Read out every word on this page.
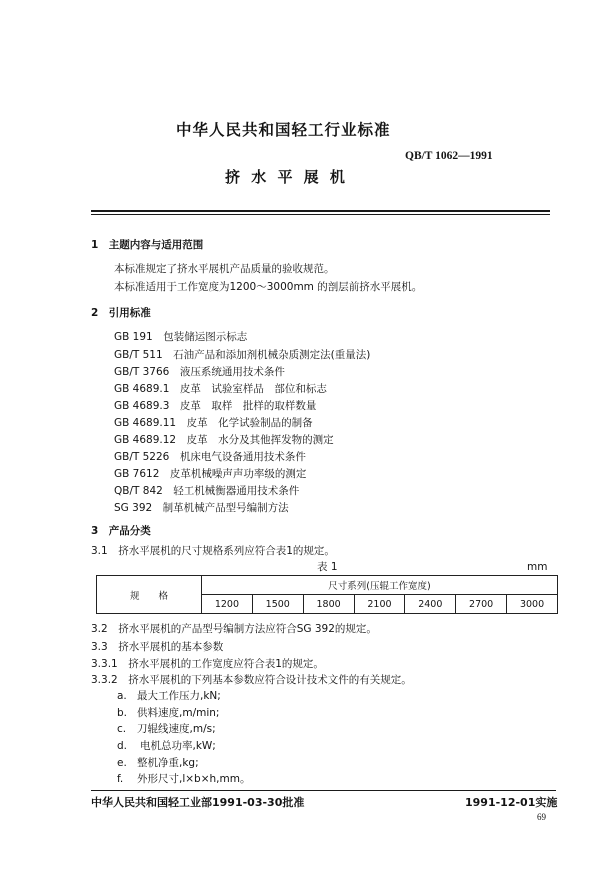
中华人民共和国轻工行业标准
QB/T 1062—1991
挤 水 平 展 机
1　主题内容与适用范围
本标准规定了挤水平展机产品质量的验收规范。
本标准适用于工作宽度为1200～3000mm 的剖层前挤水平展机。
2　引用标准
GB 191　包装储运图示标志
GB/T 511　石油产品和添加剂机械杂质测定法(重量法)
GB/T 3766　液压系统通用技术条件
GB 4689.1　皮革　试验室样品　部位和标志
GB 4689.3　皮革　取样　批样的取样数量
GB 4689.11　皮革　化学试验制品的制备
GB 4689.12　皮革　水分及其他挥发物的测定
GB/T 5226　机床电气设备通用技术条件
GB 7612　皮革机械噪声声功率级的测定
QB/T 842　轻工机械衡器通用技术条件
SG 392　制革机械产品型号编制方法
3　产品分类
3.1　挤水平展机的尺寸规格系列应符合表1的规定。
表 1	mm
规　　格	尺寸系列(压辊工作宽度)						
	1200	1500	1800	2100	2400	2700	3000
3.2　挤水平展机的产品型号编制方法应符合SG 392的规定。
3.3　挤水平展机的基本参数
3.3.1　挤水平展机的工作宽度应符合表1的规定。
3.3.2　挤水平展机的下列基本参数应符合设计技术文件的有关规定。
a. 最大工作压力,kN;
b. 供料速度,m/min;
c. 刀辊线速度,m/s;
d. 电机总功率,kW;
e. 整机净重,kg;
f. 外形尺寸,l×b×h,mm。
中华人民共和国轻工业部1991-03-30批准	1991-12-01实施
69
